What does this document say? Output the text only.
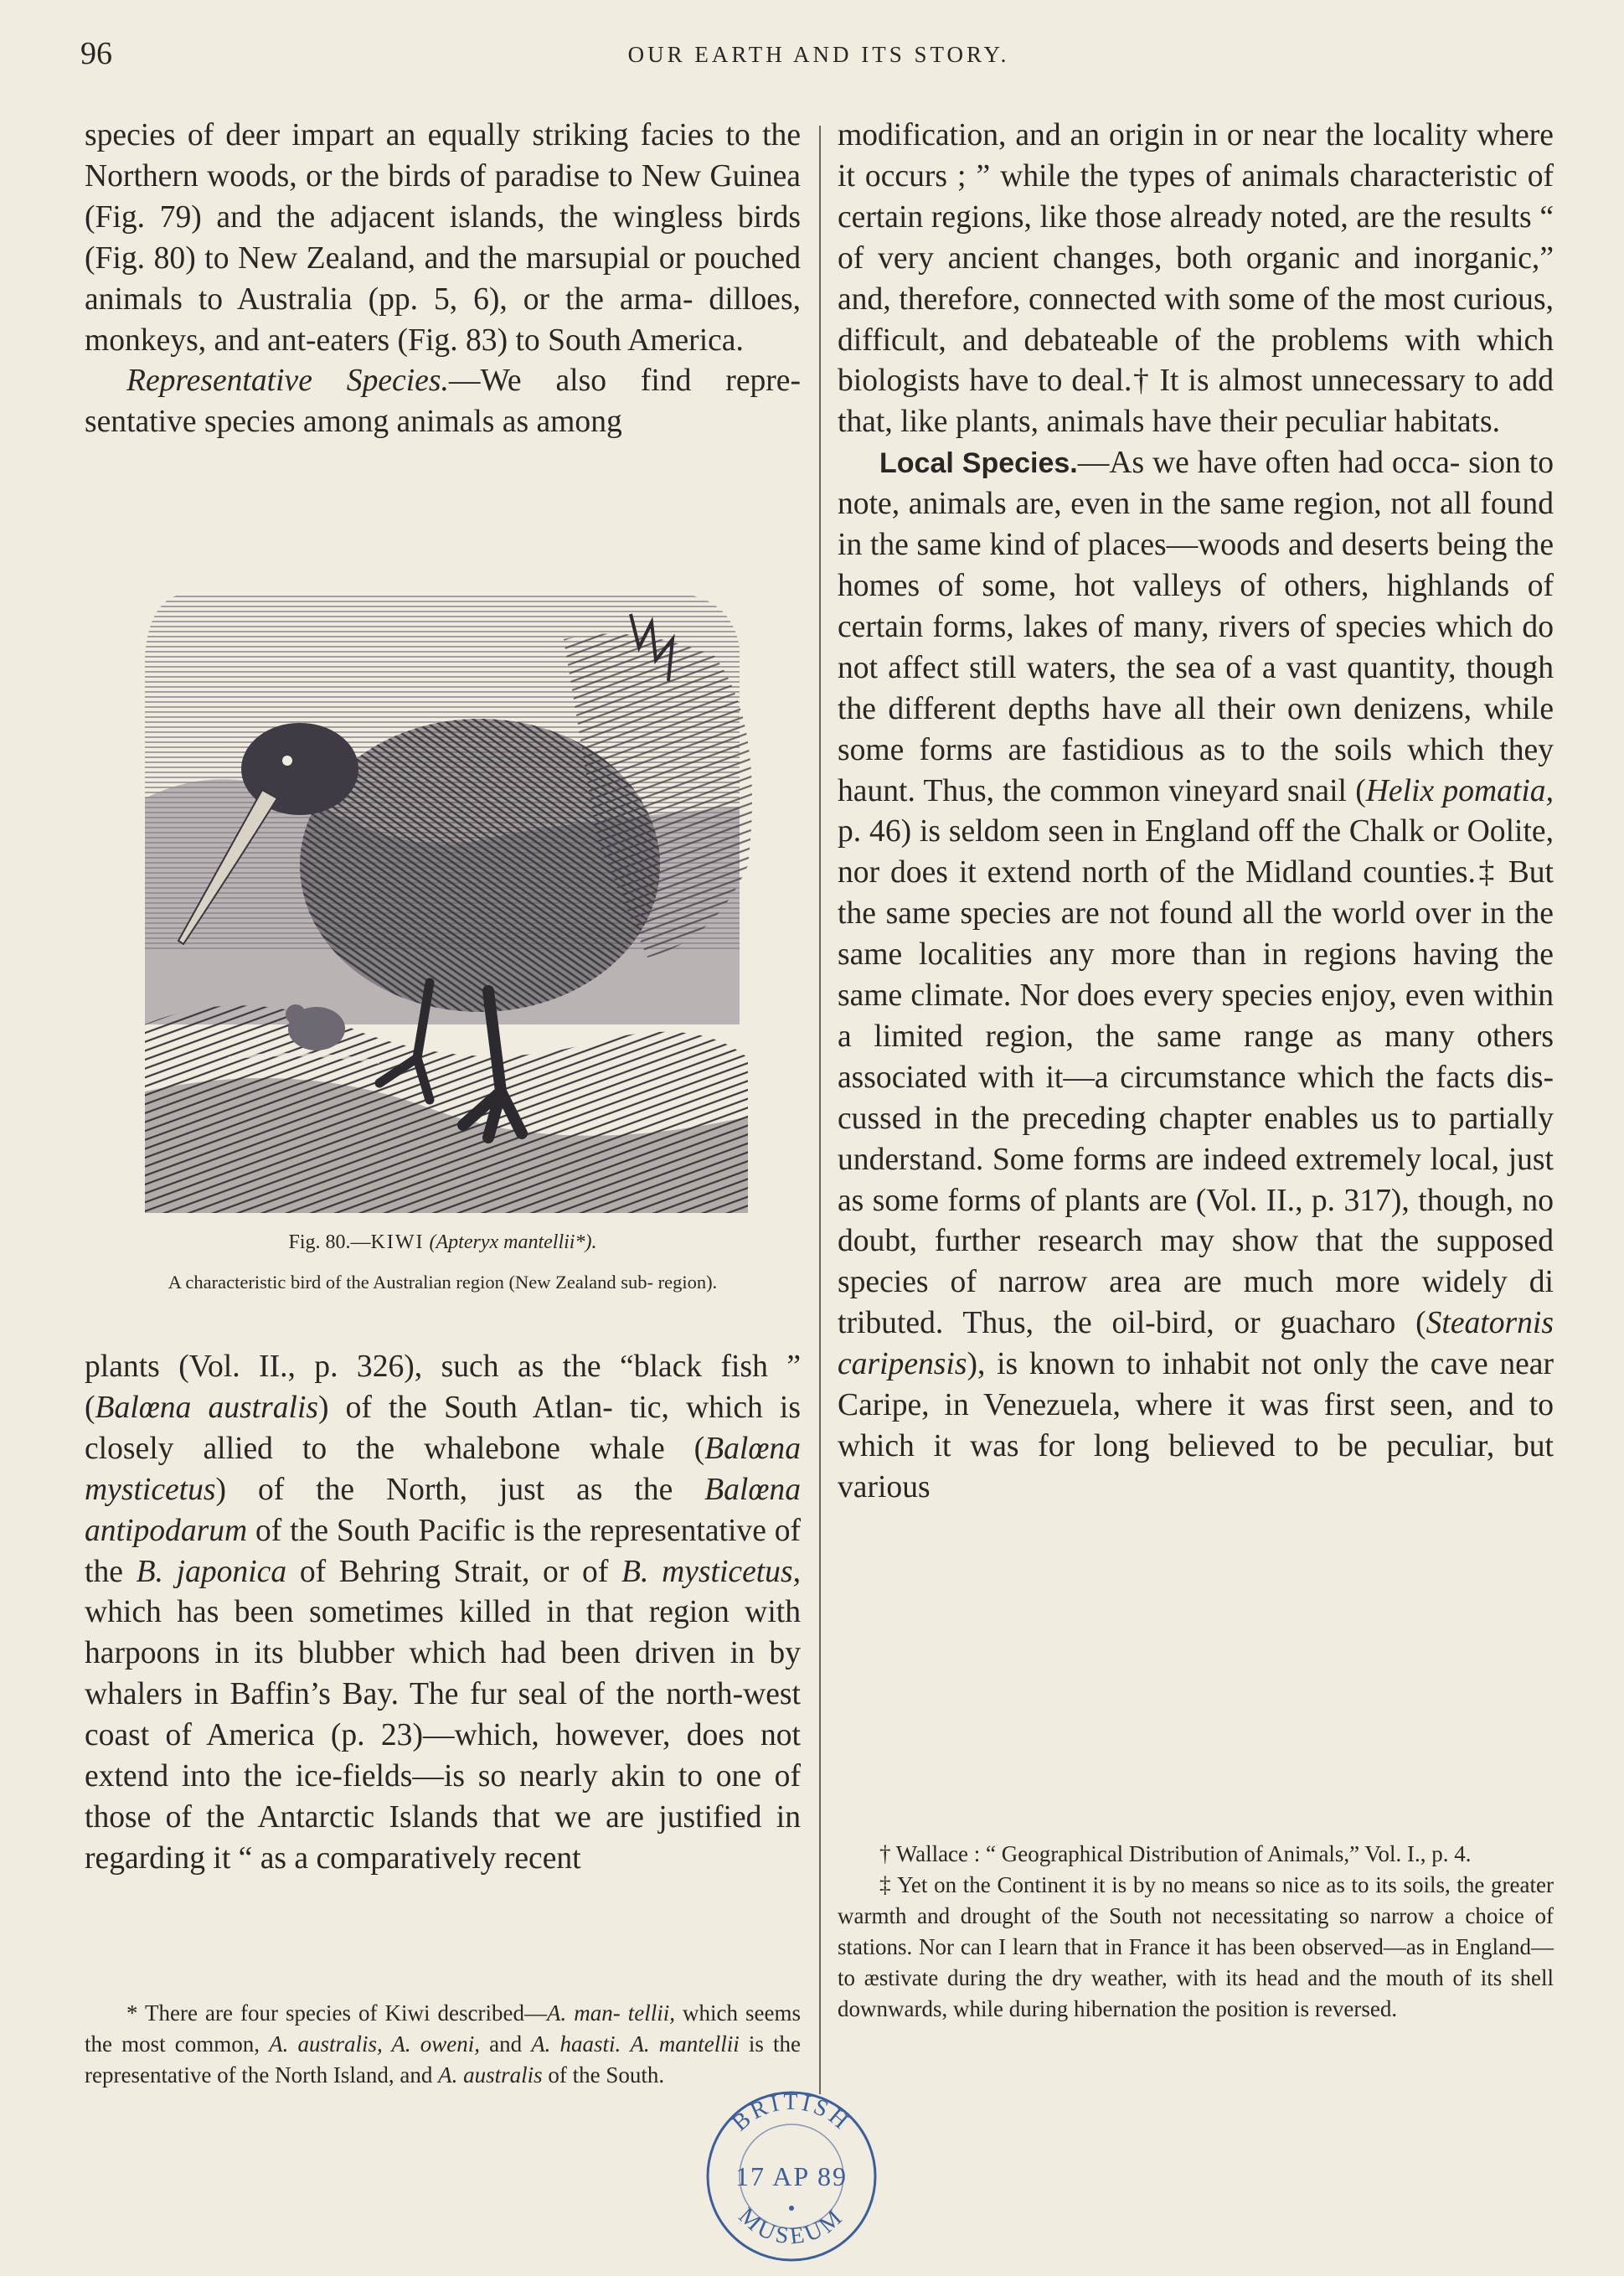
96	OUR EARTH AND ITS STORY.

species of deer impart an equally striking facies to the Northern woods, or the birds of paradise to New Guinea (Fig. 79) and the adjacent islands, the wingless birds (Fig. 80) to New Zealand, and the marsupial or pouched animals to Australia (pp. 5, 6), or the arma- dilloes, monkeys, and ant-eaters (Fig. 83) to South America.

Representative Species.—We also find repre- sentative species among animals as among

Fig. 80.—KIWI (Apteryx mantellii*).
A characteristic bird of the Australian region (New Zealand sub- region).

plants (Vol. II., p. 326), such as the “black fish ” (Balœna australis) of the South Atlan- tic, which is closely allied to the whalebone whale (Balœna mysticetus) of the North, just as the Balœna antipodarum of the South Pacific is the representative of the B. japonica of Behring Strait, or of B. mysticetus, which has been sometimes killed in that region with harpoons in its blubber which had been driven in by whalers in Baffin’s Bay. The fur seal of the north-west coast of America (p. 23)—which, however, does not extend into the ice-fields—is so nearly akin to one of those of the Antarctic Islands that we are justified in regarding it “ as a comparatively recent

* There are four species of Kiwi described—A. man- tellii, which seems the most common, A. australis, A. oweni, and A. haasti. A. mantellii is the representative of the North Island, and A. australis of the South.

modification, and an origin in or near the locality where it occurs ; ” while the types of animals characteristic of certain regions, like those already noted, are the results “ of very ancient changes, both organic and inorganic,” and, therefore, connected with some of the most curious, difficult, and debateable of the problems with which biologists have to deal.† It is almost unnecessary to add that, like plants, animals have their peculiar habitats.

Local Species.—As we have often had occa- sion to note, animals are, even in the same region, not all found in the same kind of places—woods and deserts being the homes of some, hot valleys of others, highlands of certain forms, lakes of many, rivers of species which do not affect still waters, the sea of a vast quantity, though the different depths have all their own denizens, while some forms are fastidious as to the soils which they haunt. Thus, the common vineyard snail (Helix pomatia, p. 46) is seldom seen in England off the Chalk or Oolite, nor does it extend north of the Midland counties.‡ But the same species are not found all the world over in the same localities any more than in regions having the same climate. Nor does every species enjoy, even within a limited region, the same range as many others associated with it—a circumstance which the facts dis- cussed in the preceding chapter enables us to partially understand. Some forms are indeed extremely local, just as some forms of plants are (Vol. II., p. 317), though, no doubt, further research may show that the supposed species of narrow area are much more widely di tributed. Thus, the oil-bird, or guacharo (Steatornis caripensis), is known to inhabit not only the cave near Caripe, in Venezuela, where it was first seen, and to which it was for long believed to be peculiar, but various

† Wallace : “ Geographical Distribution of Animals,” Vol. I., p. 4.

‡ Yet on the Continent it is by no means so nice as to its soils, the greater warmth and drought of the South not necessitating so narrow a choice of stations. Nor can I learn that in France it has been observed—as in England—to æstivate during the dry weather, with its head and the mouth of its shell downwards, while during hibernation the position is reversed.

BRITISH
MUSEUM
17 AP 89
